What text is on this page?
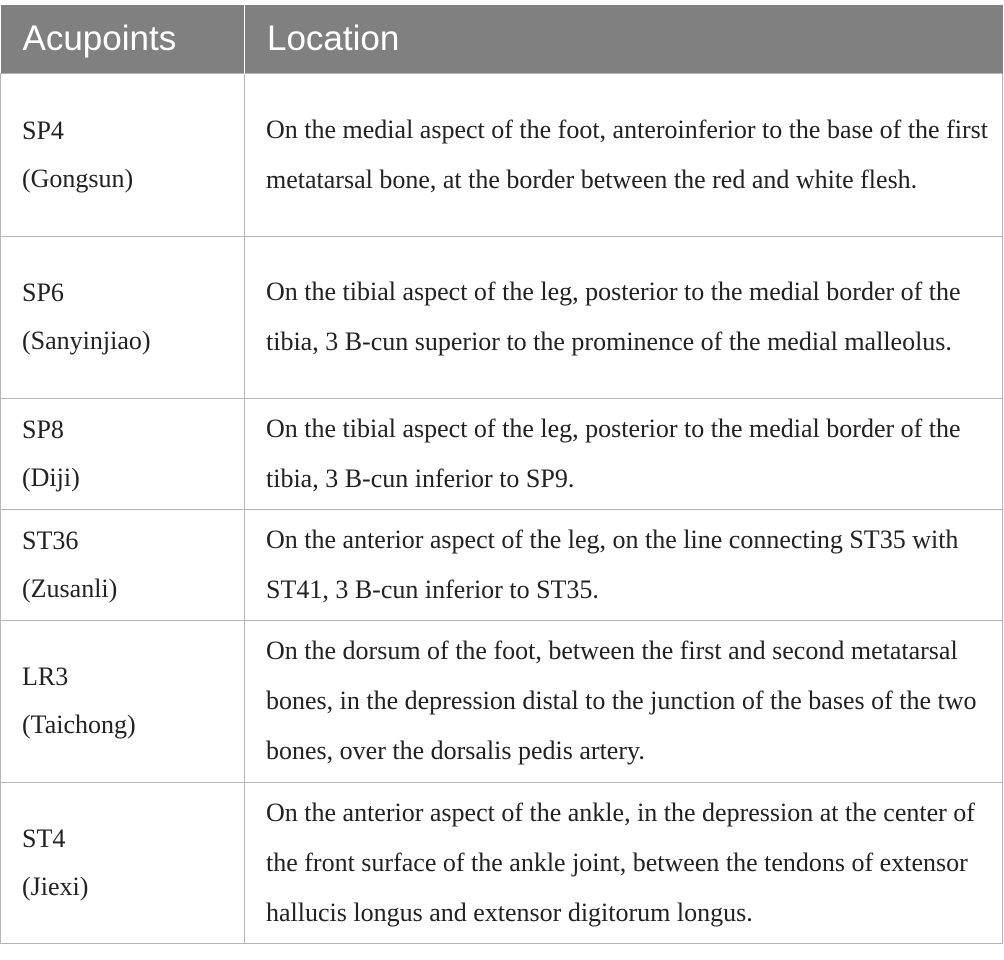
Acupoints	Location

SP4
(Gongsun)	On the medial aspect of the foot, anteroinferior to the base of the first metatarsal bone, at the border between the red and white flesh.

SP6
(Sanyinjiao)	On the tibial aspect of the leg, posterior to the medial border of the tibia, 3 B-cun superior to the prominence of the medial malleolus.

SP8
(Diji)	On the tibial aspect of the leg, posterior to the medial border of the tibia, 3 B-cun inferior to SP9.

ST36
(Zusanli)	On the anterior aspect of the leg, on the line connecting ST35 with ST41, 3 B-cun inferior to ST35.

LR3
(Taichong)	On the dorsum of the foot, between the first and second metatarsal bones, in the depression distal to the junction of the bases of the two bones, over the dorsalis pedis artery.

ST4
(Jiexi)	On the anterior aspect of the ankle, in the depression at the center of the front surface of the ankle joint, between the tendons of extensor hallucis longus and extensor digitorum longus.
